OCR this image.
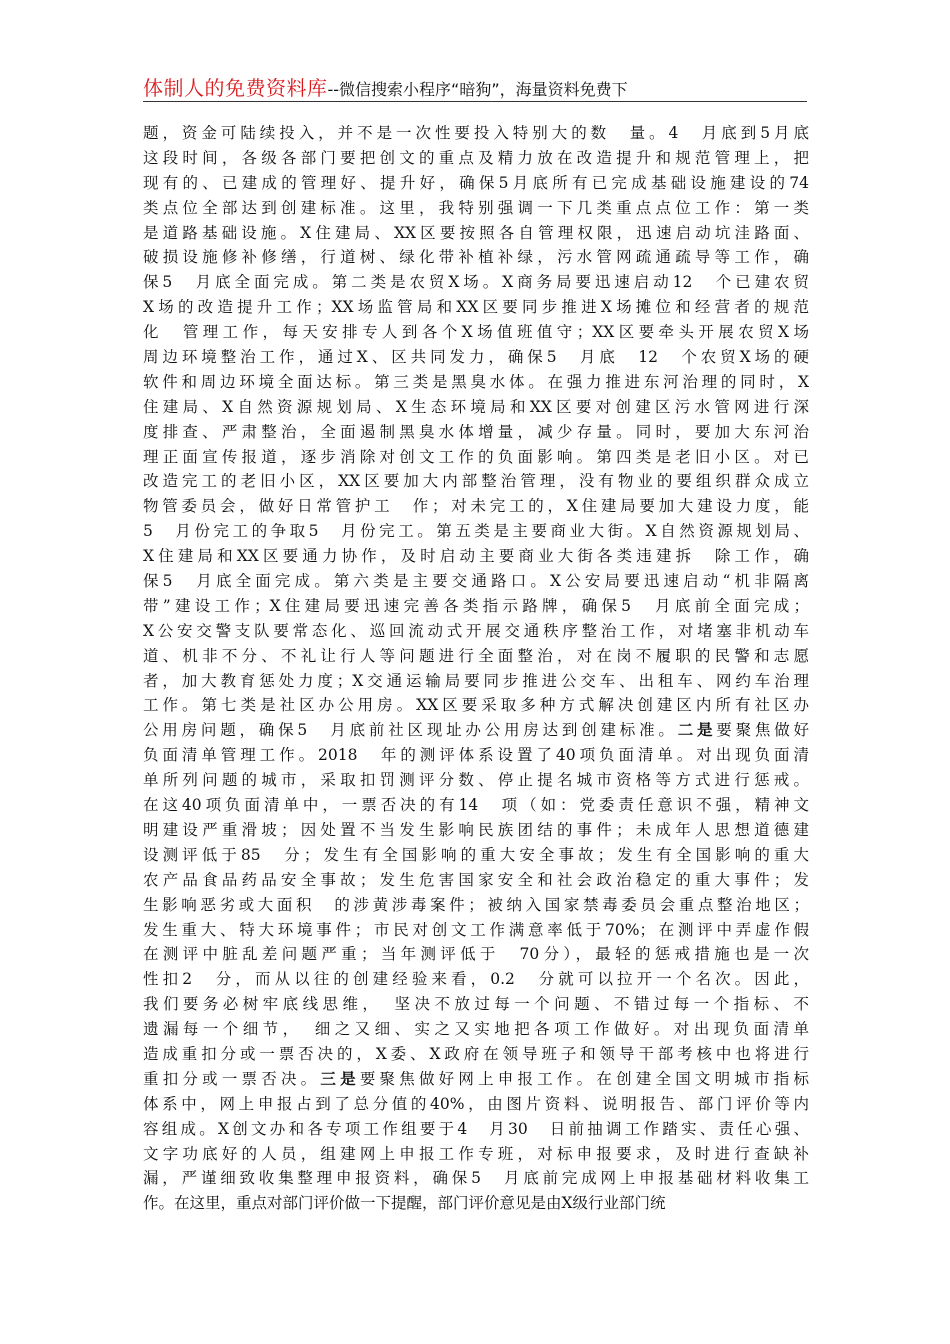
体制人的免费资料库--微信搜索小程序“暗狗”，海量资料免费下
题，资金可陆续投入，并不是一次性要投入特别大的数　量。4　月底到5月底
这段时间，各级各部门要把创文的重点及精力放在改造提升和规范管理上，把
现有的、已建成的管理好、提升好，确保5月底所有已完成基础设施建设的74
类点位全部达到创建标准。这里，我特别强调一下几类重点点位工作：第一类
是道路基础设施。X住建局、XX区要按照各自管理权限，迅速启动坑洼路面、
破损设施修补修缮，行道树、绿化带补植补绿，污水管网疏通疏导等工作，确
保5　月底全面完成。第二类是农贸X场。X商务局要迅速启动12　个已建农贸
X场的改造提升工作；XX场监管局和XX区要同步推进X场摊位和经营者的规范
化　管理工作，每天安排专人到各个X场值班值守；XX区要牵头开展农贸X场
周边环境整治工作，通过X、区共同发力，确保5　月底　12　个农贸X场的硬
软件和周边环境全面达标。第三类是黑臭水体。在强力推进东河治理的同时，X
住建局、X自然资源规划局、X生态环境局和XX区要对创建区污水管网进行深
度排查、严肃整治，全面遏制黑臭水体增量，减少存量。同时，要加大东河治
理正面宣传报道，逐步消除对创文工作的负面影响。第四类是老旧小区。对已
改造完工的老旧小区，XX区要加大内部整治管理，没有物业的要组织群众成立
物管委员会，做好日常管护工　作；对未完工的，X住建局要加大建设力度，能
5　月份完工的争取5　月份完工。第五类是主要商业大街。X自然资源规划局、
X住建局和XX区要通力协作，及时启动主要商业大街各类违建拆　除工作，确
保5　月底全面完成。第六类是主要交通路口。X公安局要迅速启动“机非隔离
带”建设工作；X住建局要迅速完善各类指示路牌，确保5　月底前全面完成；
X公安交警支队要常态化、巡回流动式开展交通秩序整治工作，对堵塞非机动车
道、机非不分、不礼让行人等问题进行全面整治，对在岗不履职的民警和志愿
者，加大教育惩处力度；X交通运输局要同步推进公交车、出租车、网约车治理
工作。第七类是社区办公用房。XX区要采取多种方式解决创建区内所有社区办
公用房问题，确保5　月底前社区现址办公用房达到创建标准。二是要聚焦做好
负面清单管理工作。2018　年的测评体系设置了40项负面清单。对出现负面清
单所列问题的城市，采取扣罚测评分数、停止提名城市资格等方式进行惩戒。
在这40项负面清单中，一票否决的有14　项（如：党委责任意识不强，精神文
明建设严重滑坡；因处置不当发生影响民族团结的事件；未成年人思想道德建
设测评低于85　分；发生有全国影响的重大安全事故；发生有全国影响的重大
农产品食品药品安全事故；发生危害国家安全和社会政治稳定的重大事件；发
生影响恶劣或大面积　的涉黄涉毒案件；被纳入国家禁毒委员会重点整治地区；
发生重大、特大环境事件；市民对创文工作满意率低于70%；在测评中弄虚作假
在测评中脏乱差问题严重；当年测评低于　70分），最轻的惩戒措施也是一次
性扣2　分，而从以往的创建经验来看，0.2　分就可以拉开一个名次。因此，
我们要务必树牢底线思维，　坚决不放过每一个问题、不错过每一个指标、不
遗漏每一个细节，　细之又细、实之又实地把各项工作做好。对出现负面清单
造成重扣分或一票否决的，X委、X政府在领导班子和领导干部考核中也将进行
重扣分或一票否决。三是要聚焦做好网上申报工作。在创建全国文明城市指标
体系中，网上申报占到了总分值的40%，由图片资料、说明报告、部门评价等内
容组成。X创文办和各专项工作组要于4　月30　日前抽调工作踏实、责任心强、
文字功底好的人员，组建网上申报工作专班，对标申报要求，及时进行查缺补
漏，严谨细致收集整理申报资料，确保5　月底前完成网上申报基础材料收集工
作。在这里，重点对部门评价做一下提醒，部门评价意见是由X级行业部门统
